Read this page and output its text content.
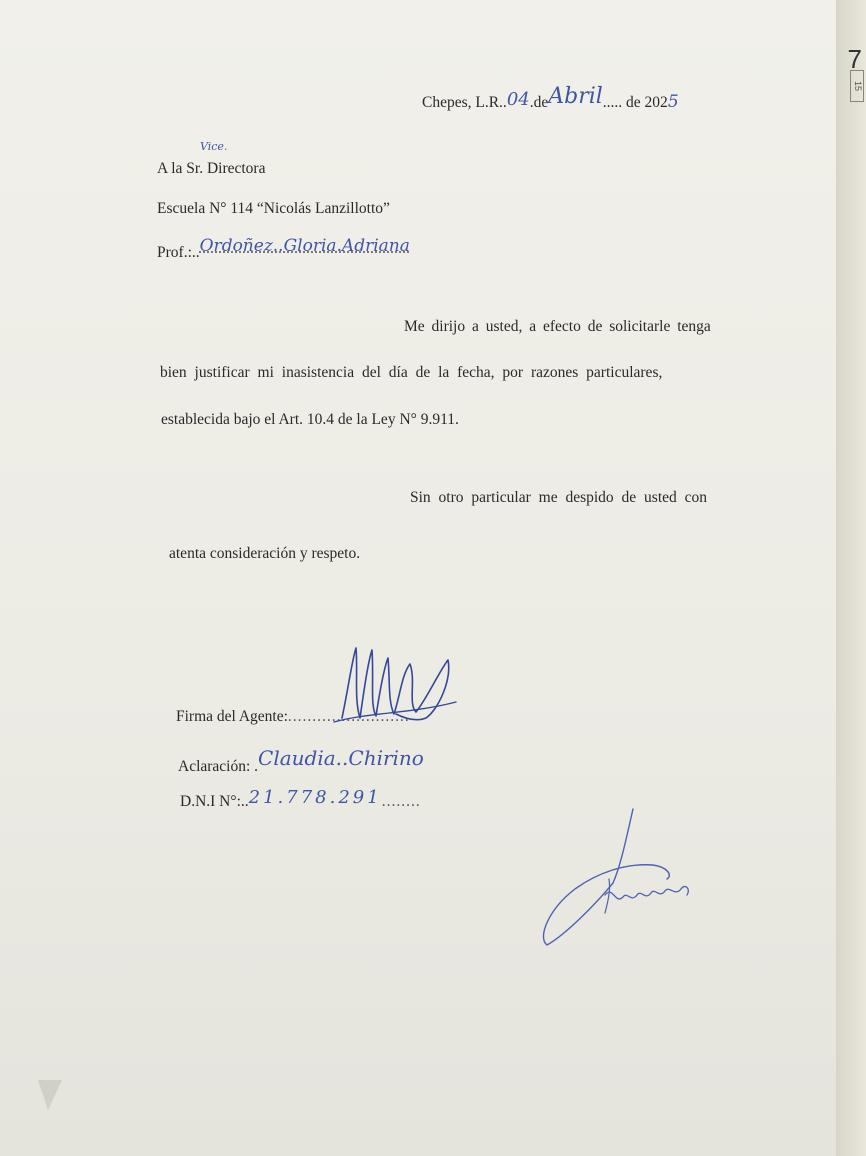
Chepes, L.R..04.deAbril..... de 2025
Vice.
A la Sr. Directora
Escuela N° 114 “Nicolás Lanzillotto”
Prof.:..Ordoñez..Gloria.Adriana
Me dirijo a usted, a efecto de solicitarle tenga
bien justificar mi inasistencia del día de la fecha, por razones particulares,
establecida bajo el Art. 10.4 de la Ley N° 9.911.
Sin otro particular me despido de usted con
atenta consideración y respeto.
Firma del Agente:.........................
Aclaración: .Claudia..Chirino
D.N.I N°:..21.778.291........
7
15
